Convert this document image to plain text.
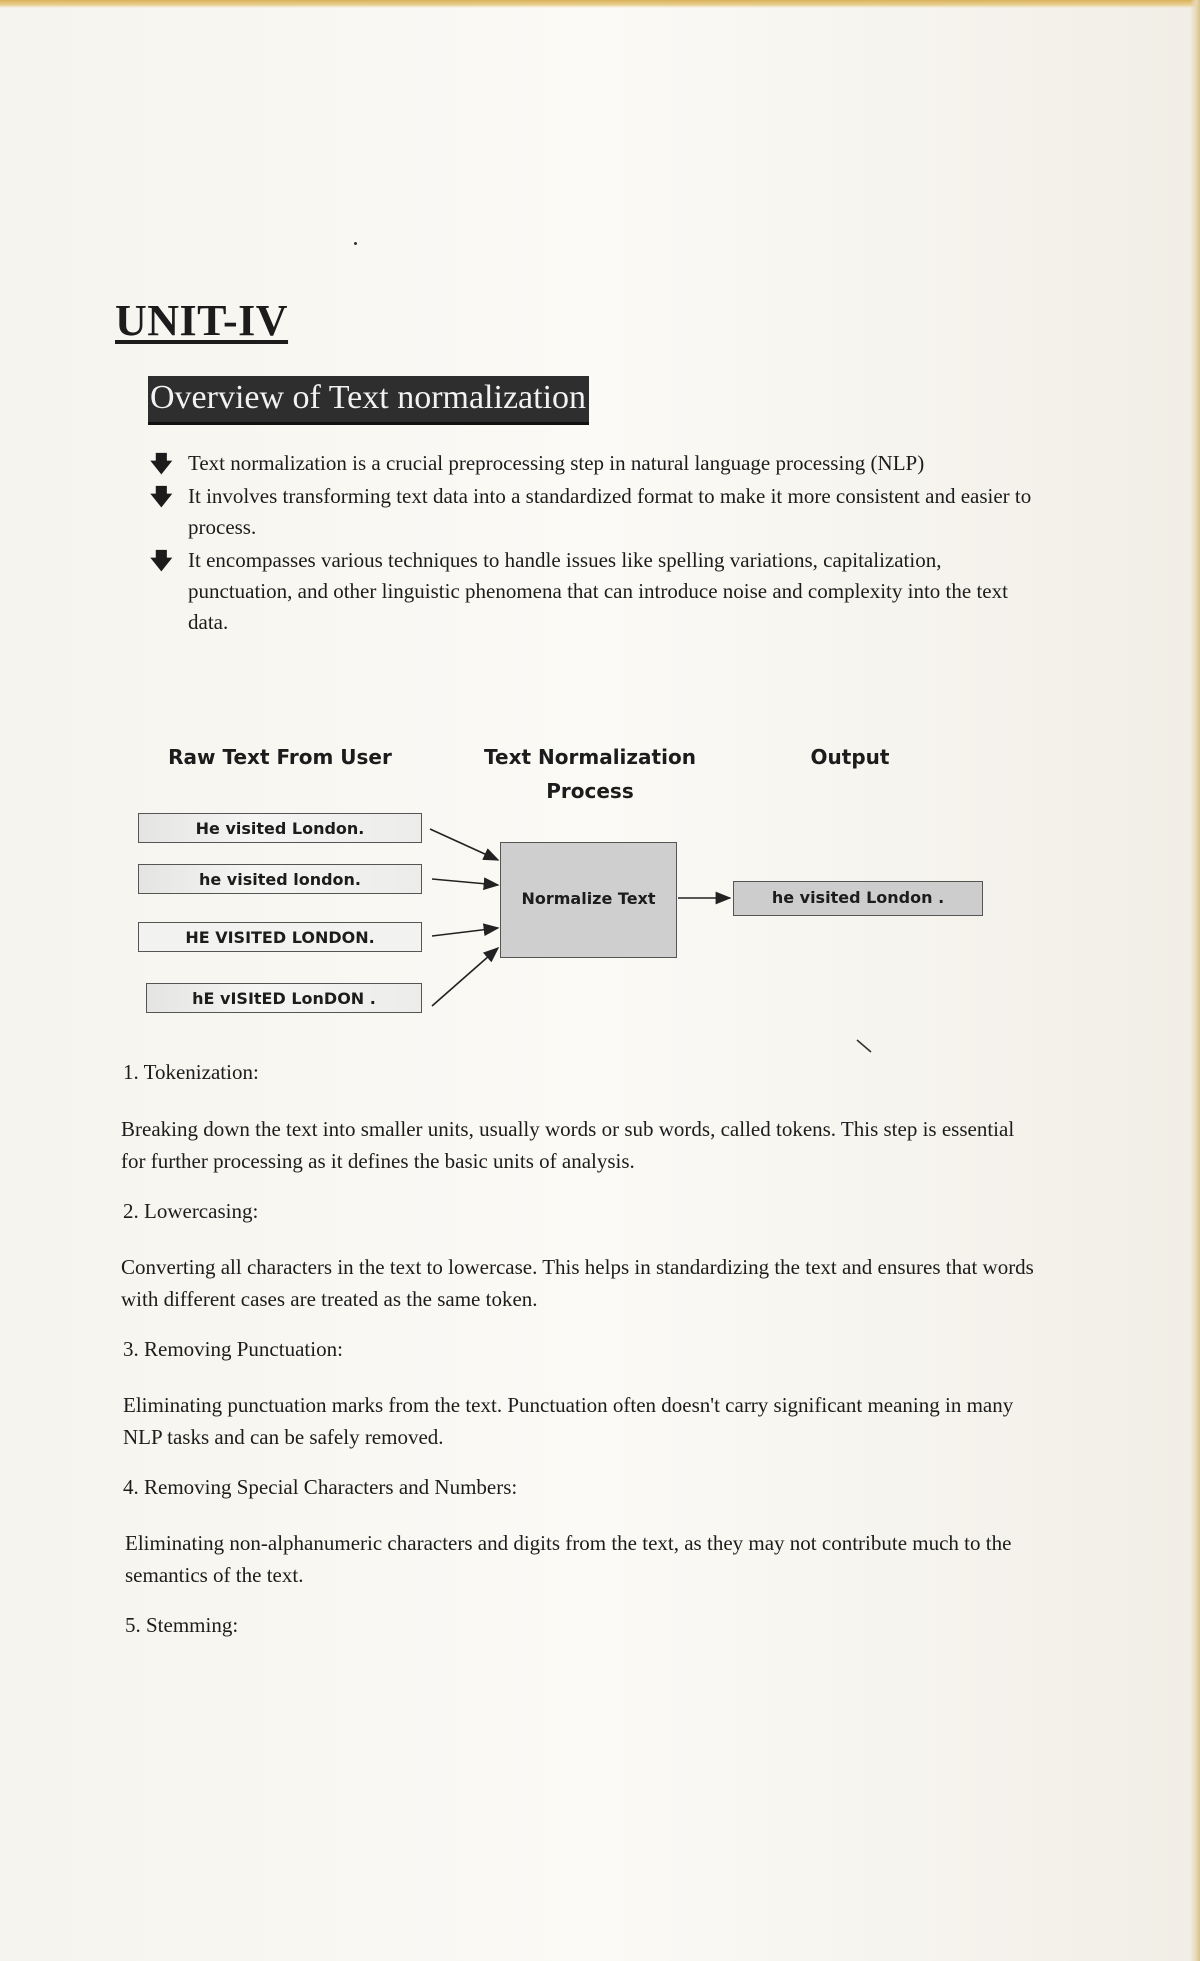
UNIT-IV
Overview of Text normalization
🡇 Text normalization is a crucial preprocessing step in natural language processing (NLP)
🡇 It involves transforming text data into a standardized format to make it more consistent and easier to process.
🡇 It encompasses various techniques to handle issues like spelling variations, capitalization, punctuation, and other linguistic phenomena that can introduce noise and complexity into the text data.
Raw Text From User	Text Normalization Process
Output
He visited London.
he visited london.
HE VISITED LONDON.
hE vISItED LonDON .
Normalize Text	he visited London .

1. Tokenization:

Breaking down the text into smaller units, usually words or sub words, called tokens. This step is essential for further processing as it defines the basic units of analysis.

2. Lowercasing:

Converting all characters in the text to lowercase. This helps in standardizing the text and ensures that words with different cases are treated as the same token.

3. Removing Punctuation:

Eliminating punctuation marks from the text. Punctuation often doesn't carry significant meaning in many NLP tasks and can be safely removed.

4. Removing Special Characters and Numbers:

Eliminating non-alphanumeric characters and digits from the text, as they may not contribute much to the semantics of the text.

5. Stemming:
